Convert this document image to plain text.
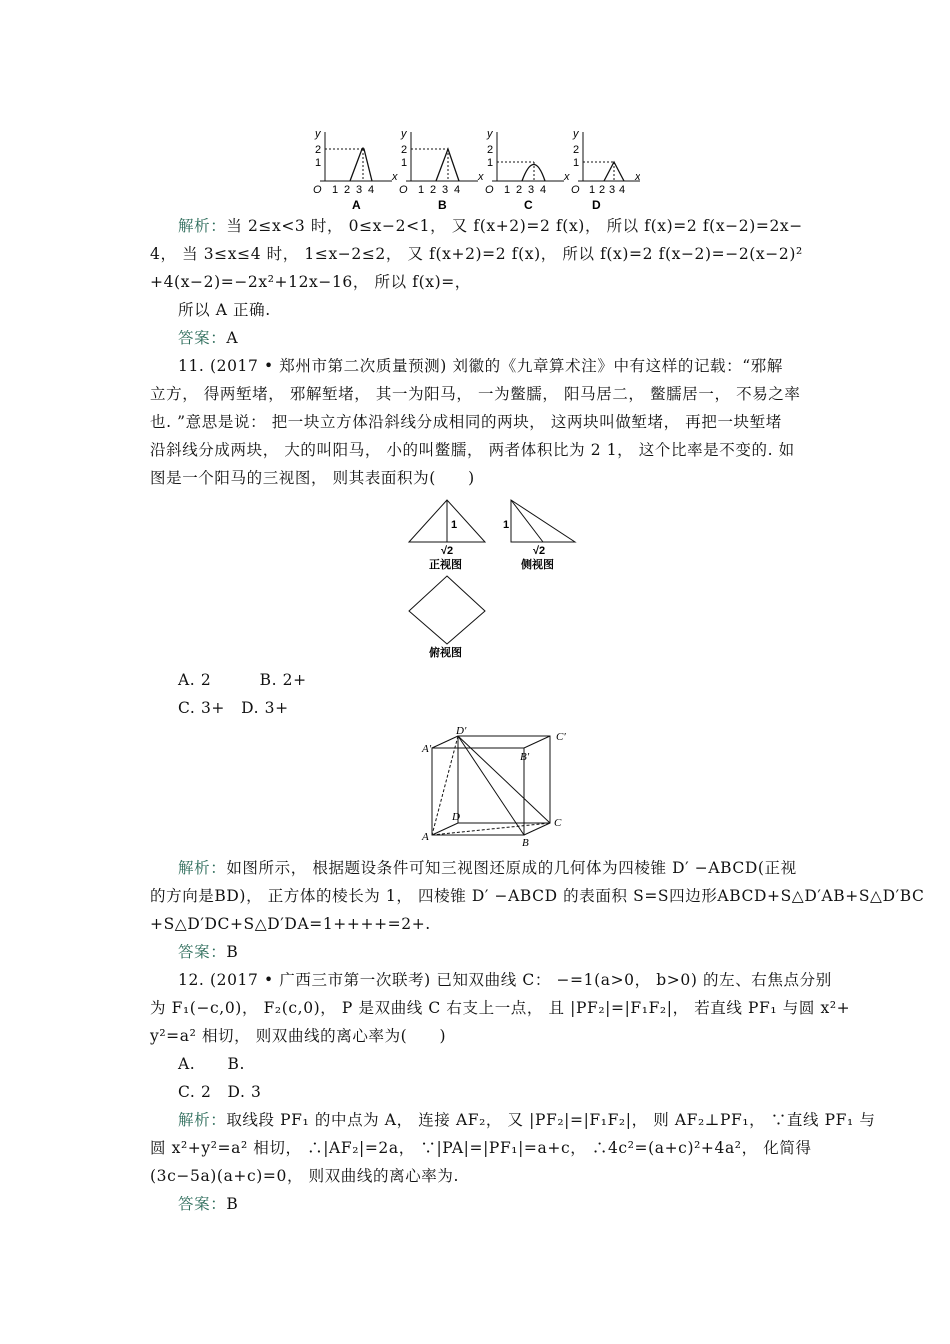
y
x
O
2
1
1 2 3 4
A
y
x
O
2
1
1 2 3 4
B
y
x
O
2
1
1 2 3 4
C
y
x
O
2
1
1 2 3 4
D
解析：当 2≤x<3 时， 0≤x−2<1， 又 f(x+2)=2 f(x)， 所以 f(x)=2 f(x−2)=2x−
4， 当 3≤x≤4 时， 1≤x−2≤2， 又 f(x+2)=2 f(x)， 所以 f(x)=2 f(x−2)=−2(x−2)²
+4(x−2)=−2x²+12x−16， 所以 f(x)=，
所以 A 正确.
答案：A
11. (2017 • 郑州市第二次质量预测) 刘徽的《九章算术注》中有这样的记载：“邪解
立方， 得两堑堵， 邪解堑堵， 其一为阳马， 一为鳖臑， 阳马居二， 鳖臑居一， 不易之率
也. ”意思是说： 把一块立方体沿斜线分成相同的两块， 这两块叫做堑堵， 再把一块堑堵
沿斜线分成两块， 大的叫阳马， 小的叫鳖臑， 两者体积比为 2 1， 这个比率是不变的. 如
图是一个阳马的三视图， 则其表面积为(　　)
1
√2
正视图
1
√2
侧视图
俯视图
A. 2　　　B. 2+
C. 3+　D. 3+
A′
D′	C′
B′
D	C
A	B
解析：如图所示， 根据题设条件可知三视图还原成的几何体为四棱锥 D′ −ABCD(正视
的方向是BD)， 正方体的棱长为 1， 四棱锥 D′ −ABCD 的表面积 S=S四边形ABCD+S△D′AB+S△D′BC
+S△D′DC+S△D′DA=1++++=2+.
答案：B
12. (2017 • 广西三市第一次联考) 已知双曲线 C： −=1(a>0， b>0) 的左、右焦点分别
为 F₁(−c,0)， F₂(c,0)， P 是双曲线 C 右支上一点， 且 |PF₂|=|F₁F₂|， 若直线 PF₁ 与圆 x²+
y²=a² 相切， 则双曲线的离心率为(　　)
A.　　B.
C. 2　D. 3
解析：取线段 PF₁ 的中点为 A， 连接 AF₂， 又 |PF₂|=|F₁F₂|， 则 AF₂⊥PF₁， ∵直线 PF₁ 与
圆 x²+y²=a² 相切， ∴|AF₂|=2a， ∵|PA|=|PF₁|=a+c， ∴4c²=(a+c)²+4a²， 化简得
(3c−5a)(a+c)=0， 则双曲线的离心率为.
答案：B
